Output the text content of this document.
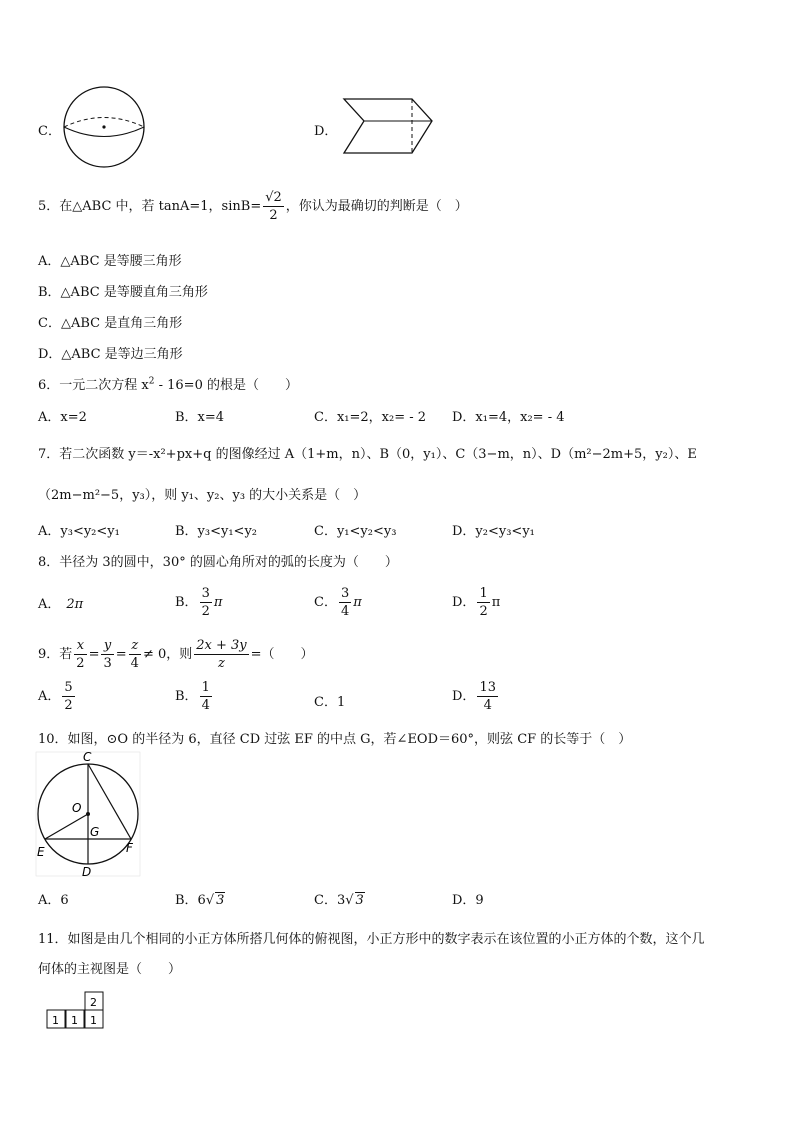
C．	D．
5．在△ABC 中，若 tanA=1，$\sin B= \frac{√2}{2}$ ，你认为最确切的判断是（　）
A．△ABC 是等腰三角形
B．△ABC 是等腰直角三角形
C．△ABC 是直角三角形
D．△ABC 是等边三角形
6．一元二次方程 $x^2 - 16=0$ 的根是（　　）
A．x=2	B．x=4	C．x₁=2，x₂= - 2 D．x₁=4，x₂= - 4
7．若二次函数 y＝-x²+px+q 的图像经过 A（1+m，n）、B（0，y₁）、C（3−m，n）、D（m²−2m+5，y₂）、E
（2m−m²−5，y₃），则 y₁、y₂、y₃ 的大小关系是（　）
A．y₃<y₂<y₁	B．y₃<y₁<y₂	C．y₁<y₂<y₃	D．y₂<y₃<y₁
8．半径为 3的圆中，30° 的圆心角所对的弧的长度为（　　）
A． 2π	B． $\frac{3}{2}$ π	C． $\frac{3}{4}$ π	D． $\frac{1}{2}$ π
9．若 $\frac{x}{2} = \frac{y}{3} = \frac{z}{4} \ne 0$，则 $\frac{2x + 3y}{z}$ =（　　）
A． $\frac{5}{2}$	B． $\frac{1}{4}$	C．1	D． $\frac{13}{4}$
10．如图，⊙O 的半径为 6，直径 CD 过弦 EF 的中点 G，若∠EOD＝60°，则弦 CF 的长等于（　）
C
O
G
E	F
D
A．6	B．6√ 3	C．3√ 3	D．9
11．如图是由几个相同的小正方体所搭几何体的俯视图，小正方形中的数字表示在该位置的小正方体的个数，这个几
何体的主视图是（　　）
2
1 1 1
